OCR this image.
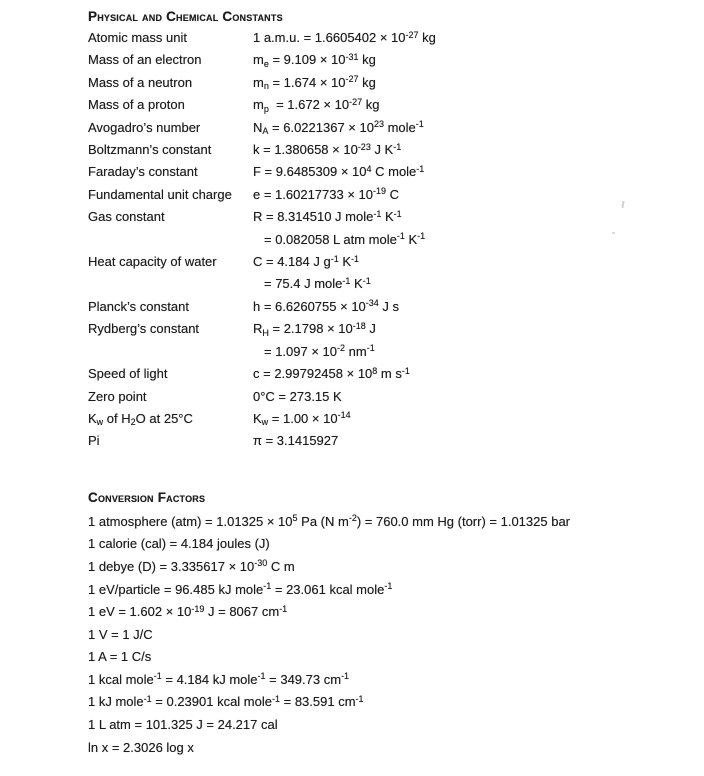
Physical and Chemical Constants
Atomic mass unit	1 a.m.u. = $1.6605402 \times 10^{-27}$ kg
Mass of an electron	$m_e = 9.109 \times 10^{-31}$ kg
Mass of a neutron	$m_n = 1.674 \times 10^{-27}$ kg
Mass of a proton	$m_p = 1.672 \times 10^{-27}$ kg
Avogadro’s number	$N_A = 6.0221367 \times 10^{23}$ mole$^{-1}$
Boltzmann’s constant	$k = 1.380658 \times 10^{-23}$ J $K^{-1}$
Faraday’s constant	$F = 9.6485309 \times 10^4$ C mole$^{-1}$
Fundamental unit charge	$e = 1.60217733 \times 10^{-19}$ C
Gas constant	R = 8.314510 J mole$^{-1}$ $K^{-1}$
= 0.082058 L atm mole$^{-1}$ $K^{-1}$
Heat capacity of water	C = 4.184 J $g^{-1}$ $K^{-1}$
= 75.4 J mole$^{-1}$ $K^{-1}$
Planck’s constant	$h = 6.6260755 \times 10^{-34}$ J s
Rydberg’s constant	$R_H = 2.1798 \times 10^{-18}$ J
= $1.097 \times 10^{-2}$ $nm^{-1}$
Speed of light	$c = 2.99792458 \times 10^8$ m $s^{-1}$
Zero point	0°C = 273.15 K
$K_w$ of $H_2O$ at 25°C	$K_w = 1.00 \times 10^{-14}$
Pi	π = 3.1415927
Conversion Factors
1 atmosphere $(atm) = 1.01325 \times 10^5$ Pa (N $m^{-2}) = 760.0$ mm Hg (torr) = 1.01325 bar
1 calorie (cal) = 4.184 joules (J)
1 debye $(D) = 3.335617 \times 10^{-30}$ C m
1 eV/particle = 96.485 kJ mole$^{-1}$ = 23.061 kcal mole$^{-1}$
1 eV = $1.602 \times 10^{-19}$ J = 8067 $cm^{-1}$
1 V = 1 J/C
1 A = 1 C/s
1 kcal mole$^{-1}$ = 4.184 kJ mole$^{-1}$ = 349.73 $cm^{-1}$
1 kJ mole$^{-1}$ = 0.23901 kcal mole$^{-1}$ = 83.591 $cm^{-1}$
1 L atm = 101.325 J = 24.217 cal
ln x = 2.3026 log x
